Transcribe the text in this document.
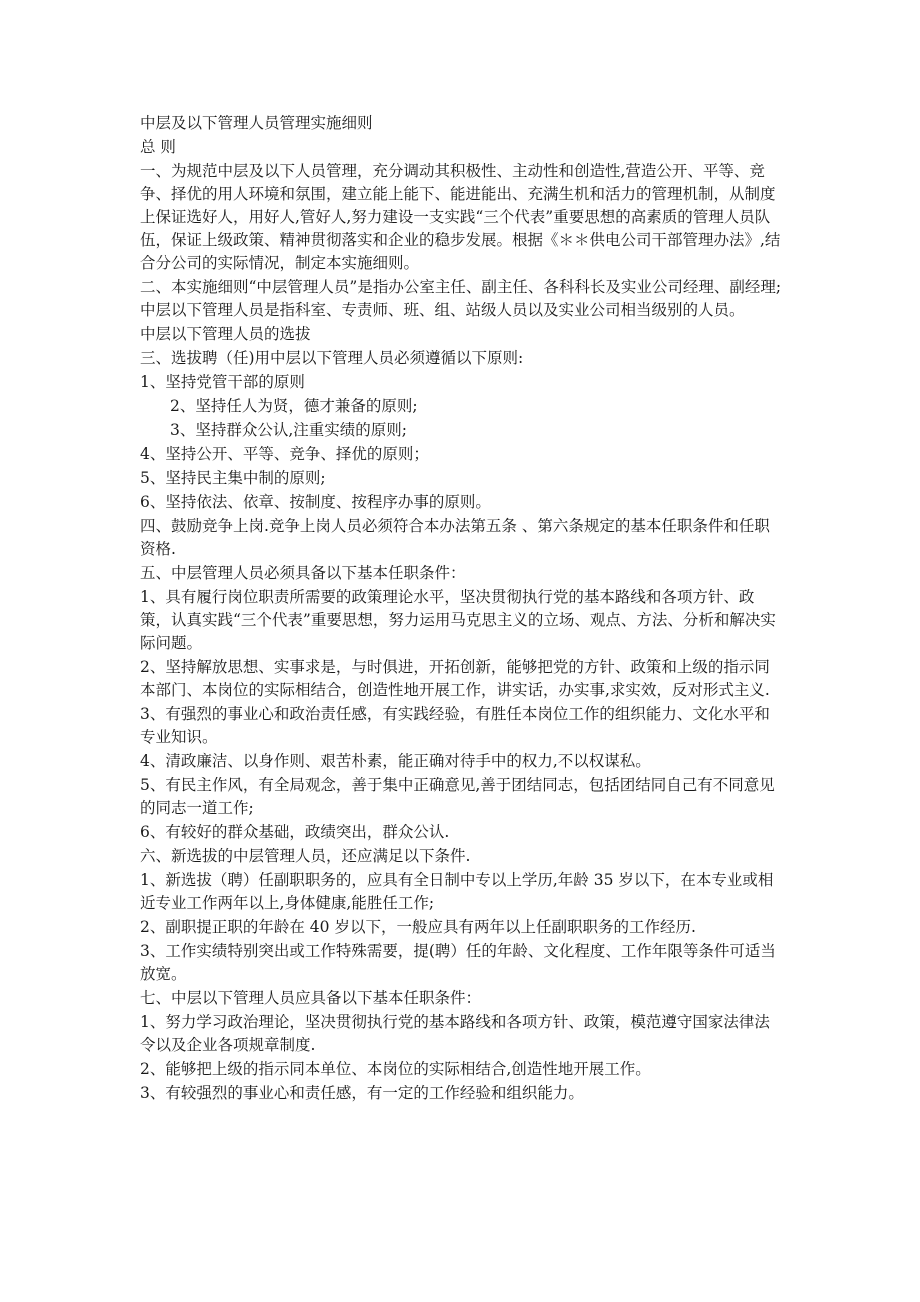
中层及以下管理人员管理实施细则

总 则

一、为规范中层及以下人员管理，充分调动其积极性、主动性和创造性,营造公开、平等、竞争、择优的用人环境和氛围，建立能上能下、能进能出、充满生机和活力的管理机制，从制度上保证选好人，用好人,管好人,努力建设一支实践“三个代表”重要思想的高素质的管理人员队伍，保证上级政策、精神贯彻落实和企业的稳步发展。根据《＊＊供电公司干部管理办法》,结合分公司的实际情况，制定本实施细则。

二、本实施细则“中层管理人员”是指办公室主任、副主任、各科科长及实业公司经理、副经理; 中层以下管理人员是指科室、专责师、班、组、站级人员以及实业公司相当级别的人员。

中层以下管理人员的选拔

三、选拔聘（任)用中层以下管理人员必须遵循以下原则:

1、坚持党管干部的原则

2、坚持任人为贤，德才兼备的原则;

3、坚持群众公认,注重实绩的原则;

4、坚持公开、平等、竞争、择优的原则；

5、坚持民主集中制的原则;

6、坚持依法、依章、按制度、按程序办事的原则。

四、鼓励竞争上岗.竞争上岗人员必须符合本办法第五条 、第六条规定的基本任职条件和任职资格.

五、中层管理人员必须具备以下基本任职条件：

1、具有履行岗位职责所需要的政策理论水平，坚决贯彻执行党的基本路线和各项方针、政策，认真实践“三个代表”重要思想，努力运用马克思主义的立场、观点、方法、分析和解决实际问题。

2、坚持解放思想、实事求是，与时俱进，开拓创新，能够把党的方针、政策和上级的指示同本部门、本岗位的实际相结合，创造性地开展工作，讲实话，办实事,求实效，反对形式主义.

3、有强烈的事业心和政治责任感，有实践经验，有胜任本岗位工作的组织能力、文化水平和专业知识。

4、清政廉洁、以身作则、艰苦朴素，能正确对待手中的权力,不以权谋私。

5、有民主作风，有全局观念，善于集中正确意见,善于团结同志，包括团结同自己有不同意见的同志一道工作;

6、有较好的群众基础，政绩突出，群众公认.

六、新选拔的中层管理人员，还应满足以下条件.

1、新选拔（聘）任副职职务的，应具有全日制中专以上学历,年龄 35 岁以下，在本专业或相近专业工作两年以上,身体健康,能胜任工作;

2、副职提正职的年龄在 40 岁以下，一般应具有两年以上任副职职务的工作经历.

3、工作实绩特别突出或工作特殊需要，提(聘）任的年龄、文化程度、工作年限等条件可适当放宽。

七、中层以下管理人员应具备以下基本任职条件：

1、努力学习政治理论，坚决贯彻执行党的基本路线和各项方针、政策，模范遵守国家法律法令以及企业各项规章制度.

2、能够把上级的指示同本单位、本岗位的实际相结合,创造性地开展工作。

3、有较强烈的事业心和责任感，有一定的工作经验和组织能力。
